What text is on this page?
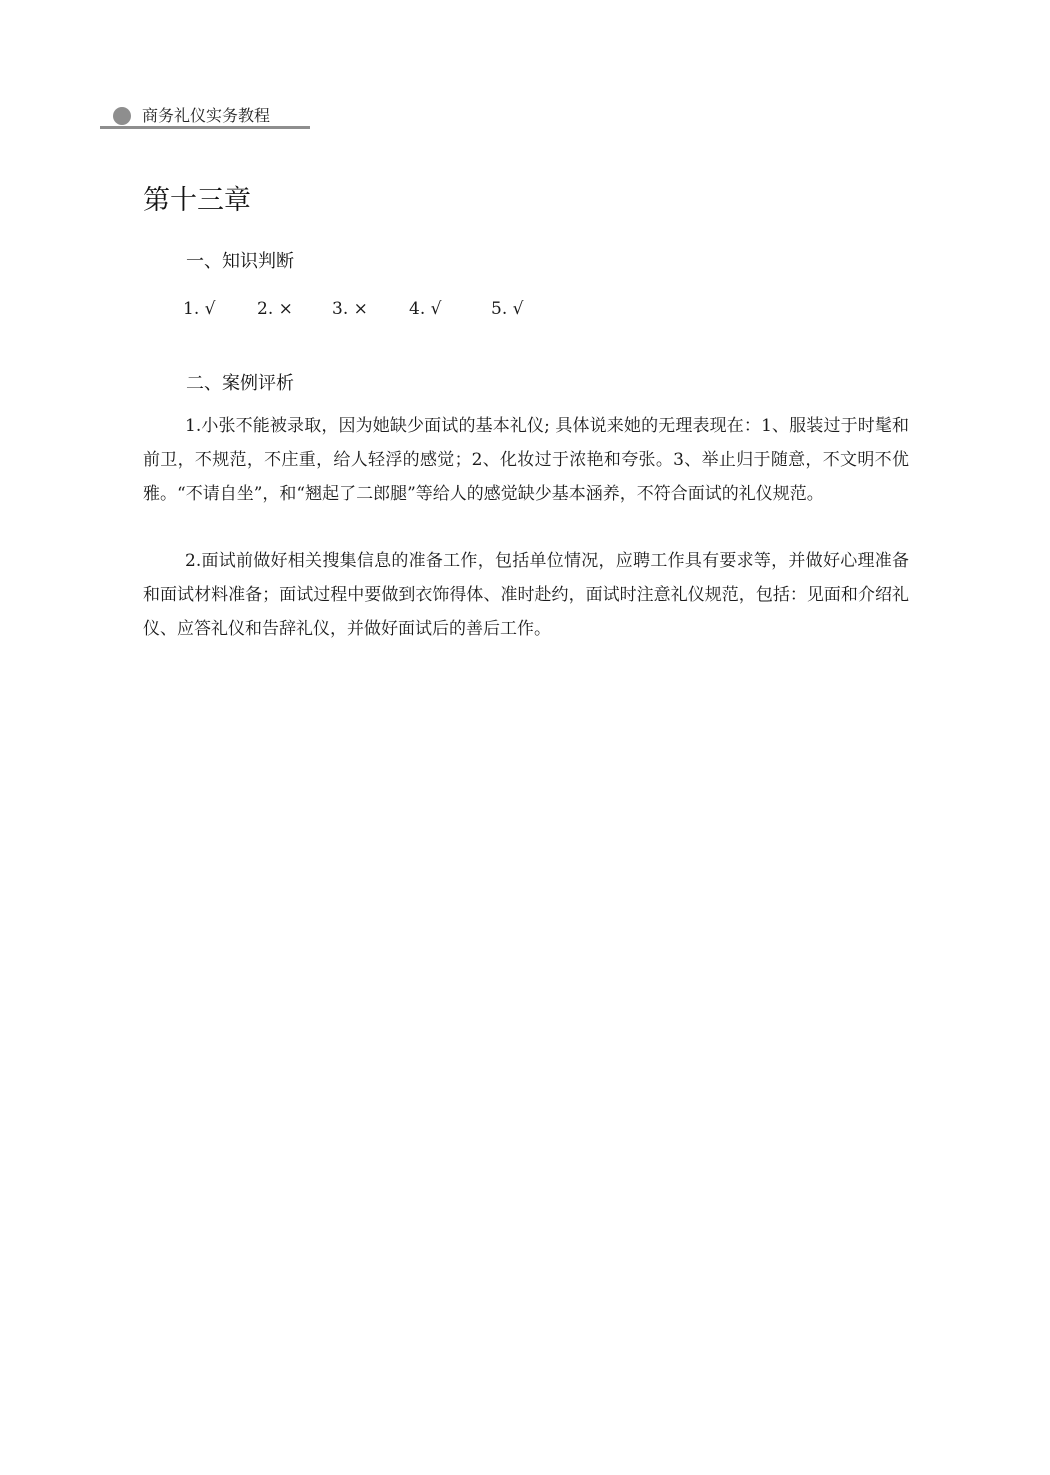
商务礼仪实务教程
第十三章
一、知识判断
1. √	2. ×	3. ×	4. √	5. √
二、案例评析

1.小张不能被录取，因为她缺少面试的基本礼仪; 具体说来她的无理表现在：1、服装过于时髦和前卫，不规范，不庄重，给人轻浮的感觉；2、化妆过于浓艳和夸张。3、举止归于随意，不文明不优雅。“不请自坐”，和“翘起了二郎腿”等给人的感觉缺少基本涵养，不符合面试的礼仪规范。

2.面试前做好相关搜集信息的准备工作，包括单位情况，应聘工作具有要求等，并做好心理准备和面试材料准备；面试过程中要做到衣饰得体、准时赴约，面试时注意礼仪规范，包括：见面和介绍礼仪、应答礼仪和告辞礼仪，并做好面试后的善后工作。
